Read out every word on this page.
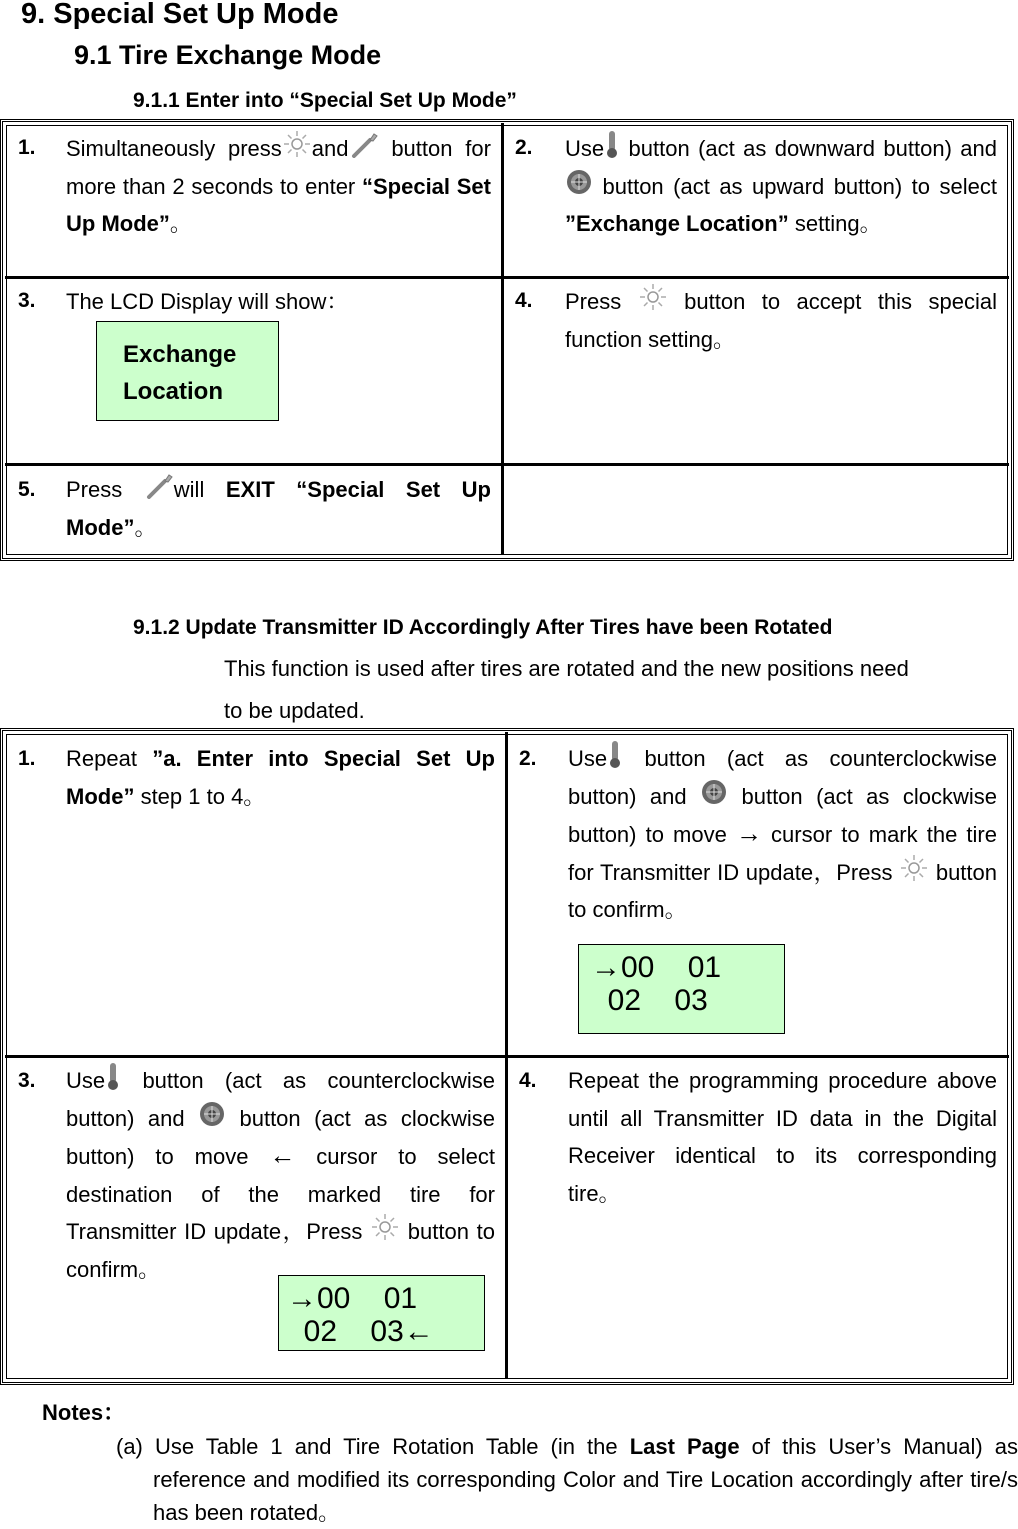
9. Special Set Up Mode
9.1 Tire Exchange Mode
9.1.1 Enter into “Special Set Up Mode”
1. Simultaneously press and button for more than 2 seconds to enter “Special Set Up Mode”。
2. Use button (act as downward button) and  button (act as upward button) to select ”Exchange Location” setting。
3. The LCD Display will show：
Exchange
Location
4. Press  button to accept this special function setting。
5. Press will EXIT “Special Set Up Mode”。
9.1.2 Update Transmitter ID Accordingly After Tires have been Rotated
This function is used after tires are rotated and the new positions need
to be updated.
1. Repeat ”a. Enter into Special Set Up Mode” step 1 to 4。
2. Use button (act as counterclockwise button) and  button (act as clockwise button) to move → cursor to mark the tire for Transmitter ID update，Press  button to confirm。
→00    01
02    03
3. Use button (act as counterclockwise button) and  button (act as clockwise button) to move ← cursor to select destination of the marked tire for Transmitter ID update，Press  button to confirm。
→00    01
02    03←
4. Repeat the programming procedure above until all Transmitter ID data in the Digital Receiver identical to its corresponding tire。
Notes：
(a) Use Table 1 and Tire Rotation Table (in the Last Page of this User’s Manual) as reference and modified its corresponding Color and Tire Location accordingly after tire/s has been rotated。
